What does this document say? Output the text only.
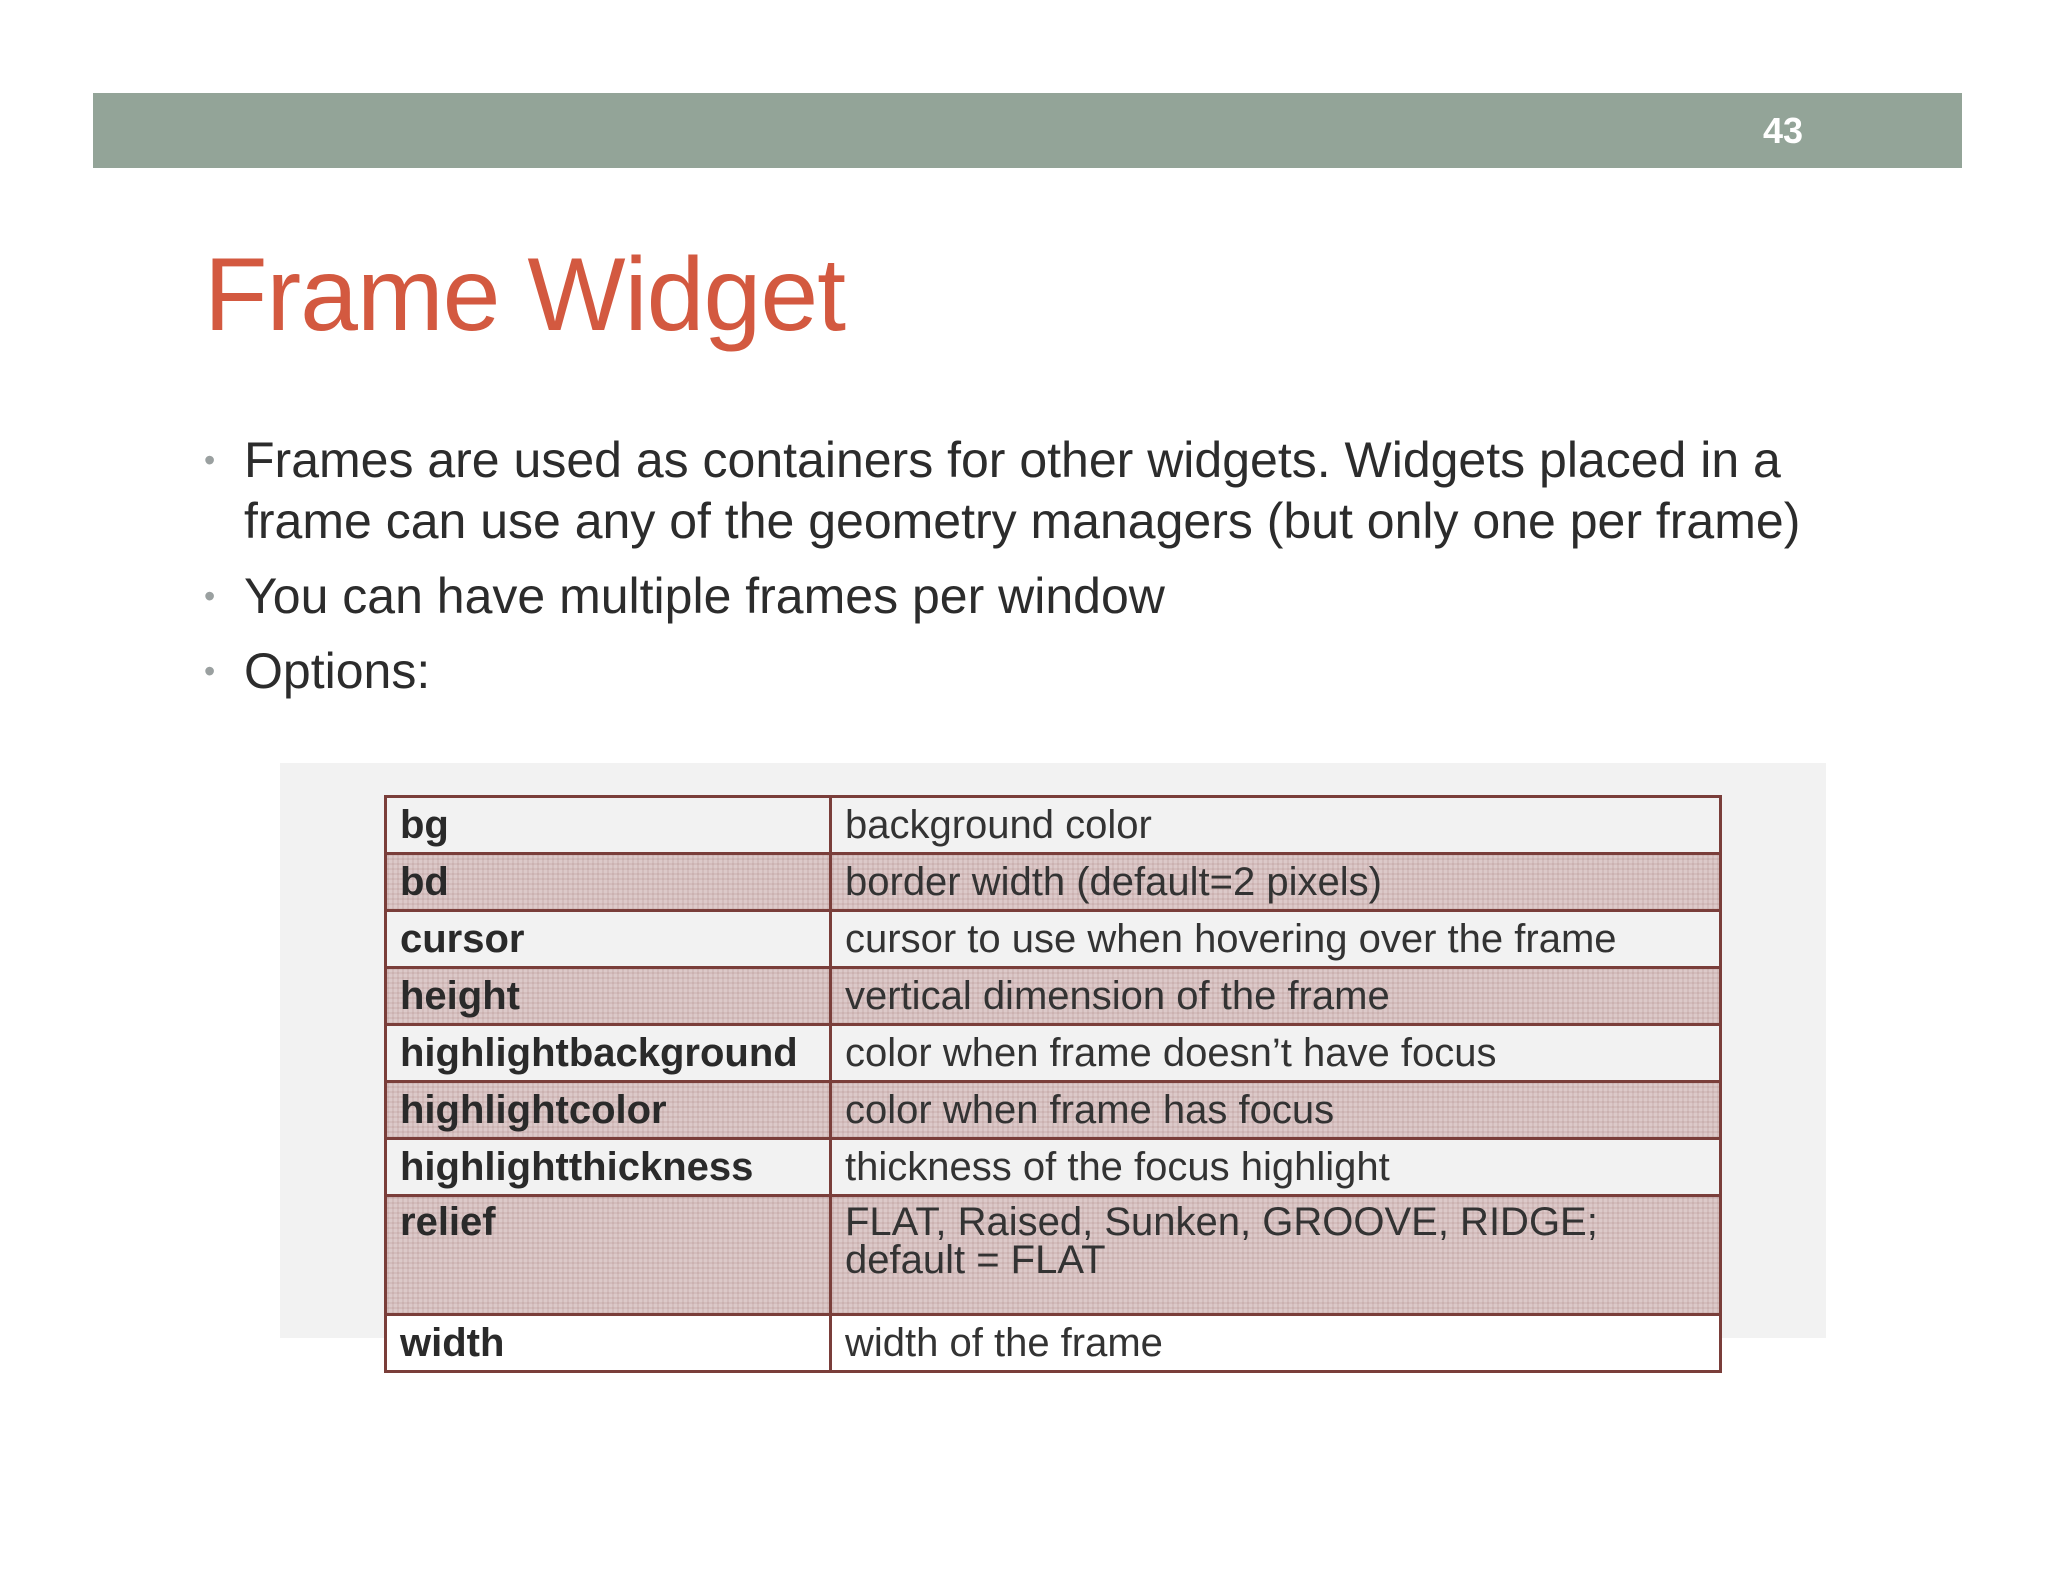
43
Frame Widget
• Frames are used as containers for other widgets. Widgets placed in a frame can use any of the geometry managers (but only one per frame)
• You can have multiple frames per window
• Options:
bg	background color
bd	border width (default=2 pixels)
cursor	cursor to use when hovering over the frame
height	vertical dimension of the frame
highlightbackground	color when frame doesn’t have focus
highlightcolor	color when frame has focus
highlightthickness	thickness of the focus highlight
relief	FLAT, Raised, Sunken, GROOVE, RIDGE;
default = FLAT

width	width of the frame
